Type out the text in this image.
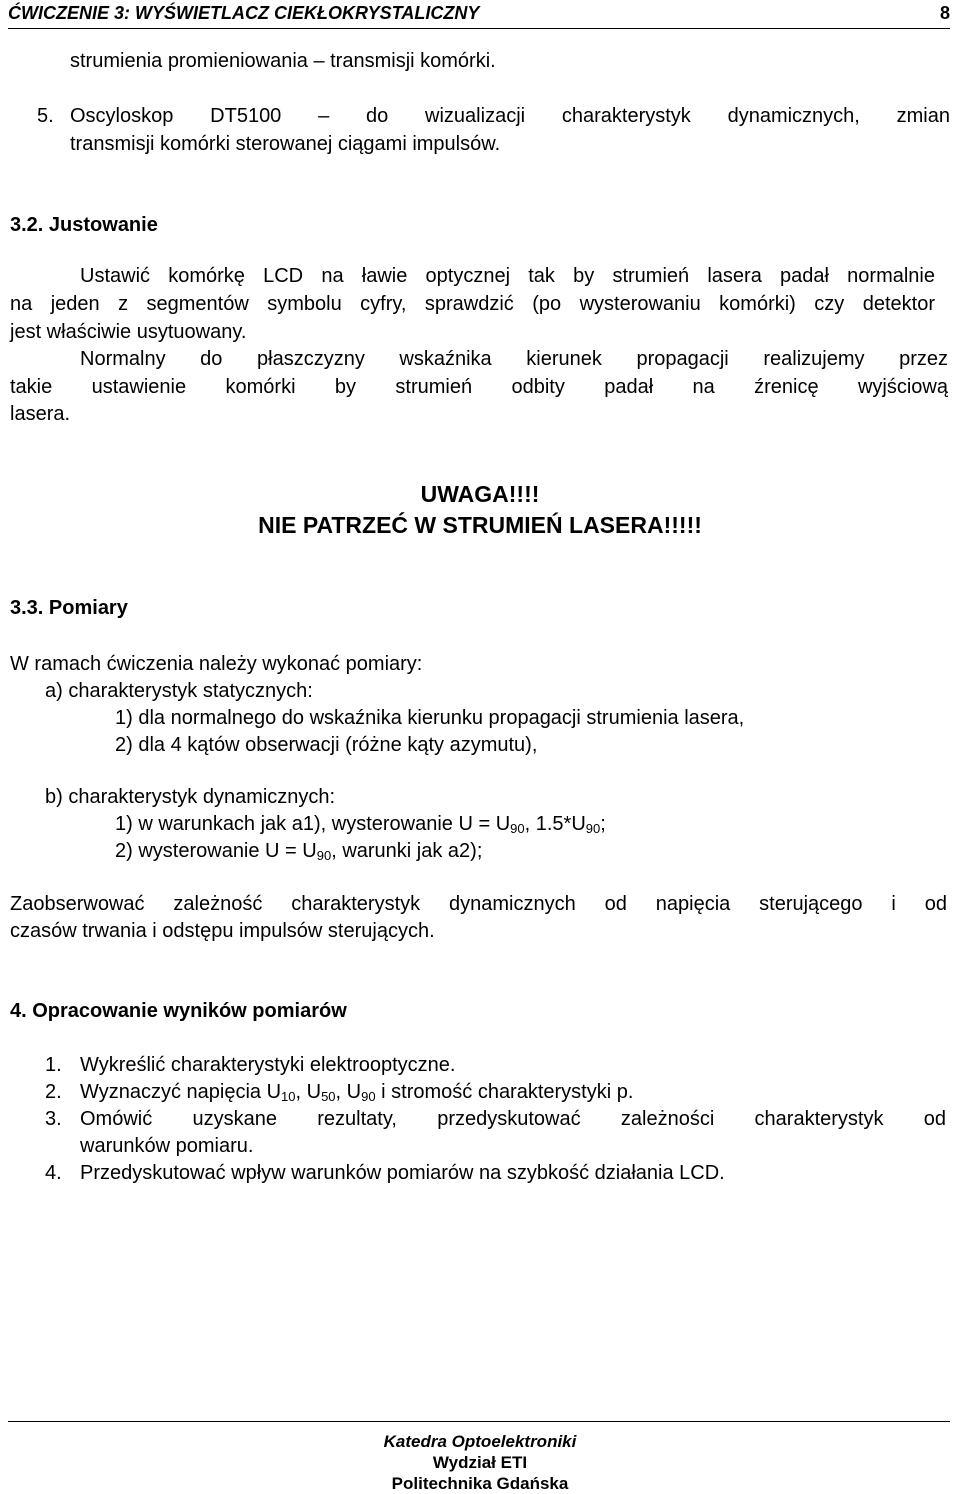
ĆWICZENIE 3: WYŚWIETLACZ CIEKŁOKRYSTALICZNY	8
strumienia promieniowania – transmisji komórki.
5. Oscyloskop DT5100 – do wizualizacji charakterystyk dynamicznych, zmian
transmisji komórki sterowanej ciągami impulsów.
3.2. Justowanie
Ustawić komórkę LCD na ławie optycznej tak by strumień lasera padał normalnie
na jeden z segmentów symbolu cyfry, sprawdzić (po wysterowaniu komórki) czy detektor
jest właściwie usytuowany.
Normalny do płaszczyzny wskaźnika kierunek propagacji realizujemy przez
takie ustawienie komórki by strumień odbity padał na źrenicę wyjściową
lasera.
UWAGA!!!!
NIE PATRZEĆ W STRUMIEŃ LASERA!!!!!
3.3. Pomiary
W ramach ćwiczenia należy wykonać pomiary:
a) charakterystyk statycznych:
1) dla normalnego do wskaźnika kierunku propagacji strumienia lasera,
2) dla 4 kątów obserwacji (różne kąty azymutu),
b) charakterystyk dynamicznych:
1) w warunkach jak a1), wysterowanie $U = U_{90}$, $1.5*U_{90}$;
2) wysterowanie $U = U_{90}$, warunki jak a2);
Zaobserwować zależność charakterystyk dynamicznych od napięcia sterującego i od
czasów trwania i odstępu impulsów sterujących.
4. Opracowanie wyników pomiarów
1. Wykreślić charakterystyki elektrooptyczne.
2. Wyznaczyć napięcia $U_{10}$, $U_{50}$, $U_{90}$ i stromość charakterystyki p.
3. Omówić uzyskane rezultaty, przedyskutować zależności charakterystyk od
warunków pomiaru.
4. Przedyskutować wpływ warunków pomiarów na szybkość działania LCD.
Katedra Optoelektroniki
Wydział ETI
Politechnika Gdańska
